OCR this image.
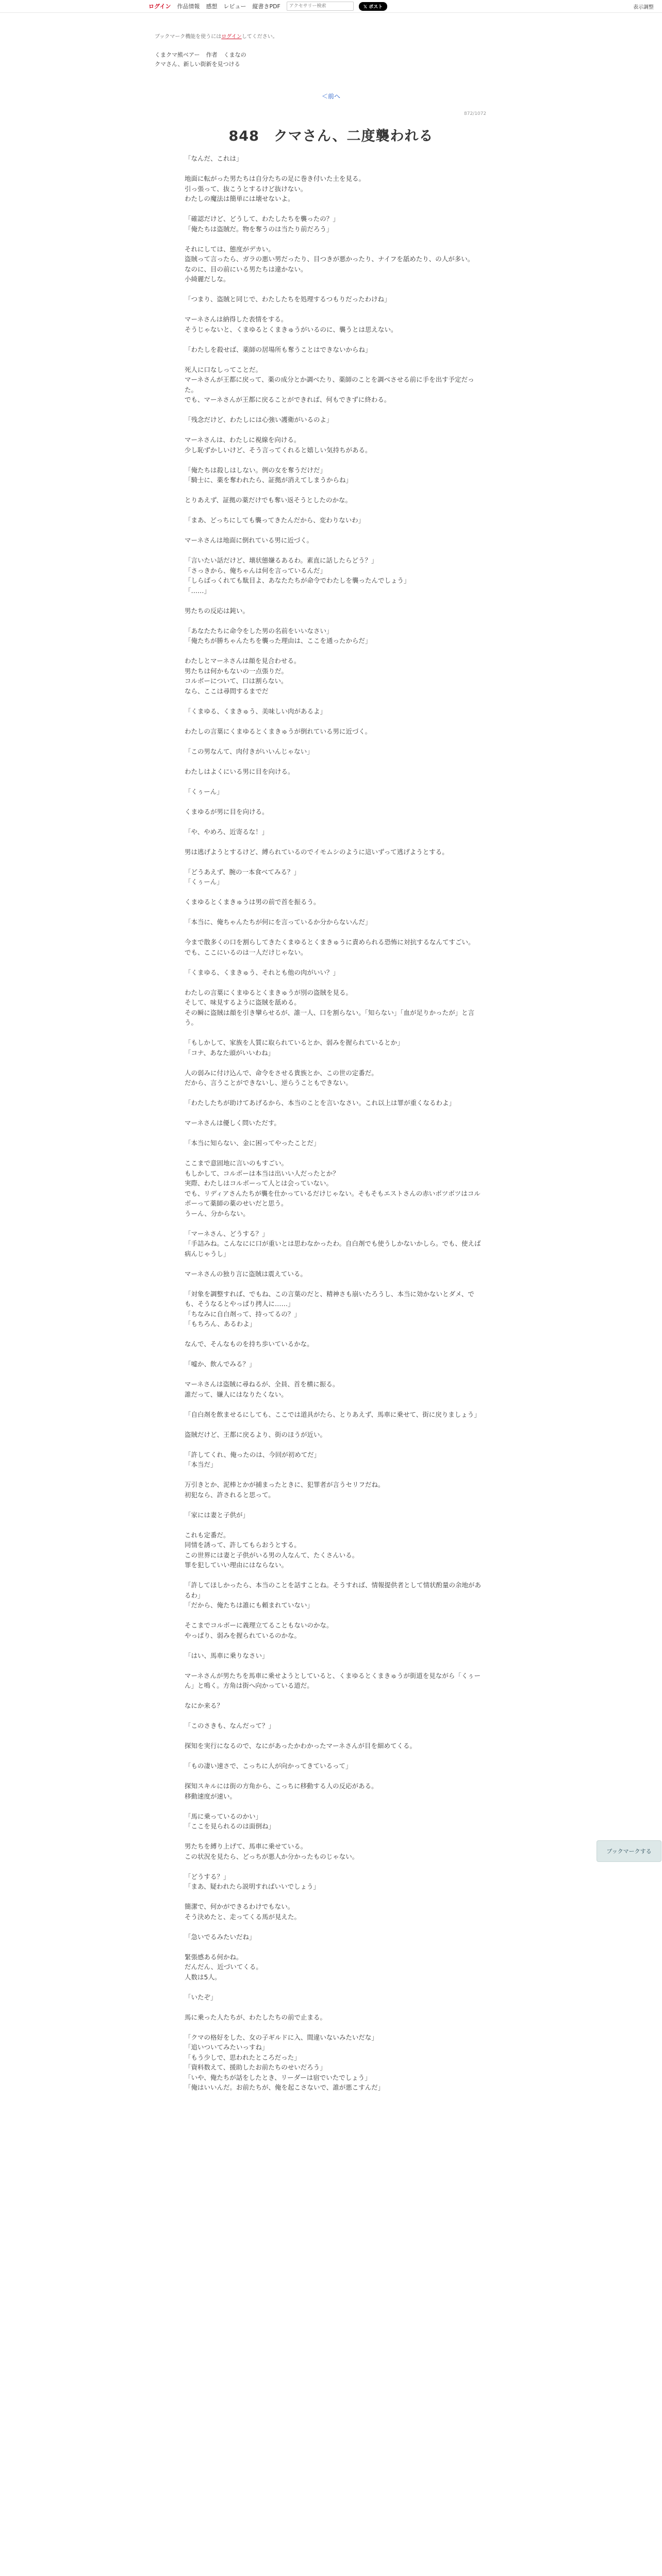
ログイン 作品情報 感想 レビュー 縦書きPDF
アクセサリー検索	𝕏 ポスト	表示調整
ブックマーク機能を使うにはログインしてください。
くまクマ熊ベアー 作者 くまなの
クマさん、新しい街新を見つける
＜前へ
872/1072
848　クマさん、二度襲われる

「なんだ、これは」

地面に転がった男たちは自分たちの足に巻き付いた土を見る。

引っ張って、抜こうとするけど抜けない。

わたしの魔法は簡単には壊せないよ。

「確認だけど、どうして、わたしたちを襲ったの？」

「俺たちは盗賊だ。物を奪うのは当たり前だろう」

それにしては、態度がデカい。

盗賊って言ったら、ガラの悪い男だったり、目つきが悪かったり、ナイフを舐めたり、の人が多い。

なのに、目の前にいる男たちは違かない。

小綺麗だしな。

「つまり、盗賊と同じで、わたしたちを処理するつもりだったわけね」

マーネさんは納得した表情をする。

そうじゃないと、くまゆるとくまきゅうがいるのに、襲うとは思えない。

「わたしを殺せば、薬師の居場所も奪うことはできないからね」

死人に口なしってことだ。

マーネさんが王都に戻って、薬の成分とか調べたり、薬師のことを調べさせる前に手を出す予定だった。

でも、マーネさんが王都に戻ることができれば、何もできずに終わる。

「残念だけど、わたしには心強い護衛がいるのよ」

マーネさんは、わたしに視線を向ける。

少し恥ずかしいけど、そう言ってくれると嬉しい気持ちがある。

「俺たちは殺しはしない。例の女を奪うだけだ」

「騎士に、薬を奪われたら、証拠が消えてしまうからね」

とりあえず、証拠の薬だけでも奪い返そうとしたのかな。

「まあ、どっちにしても襲ってきたんだから、変わりないわ」

マーネさんは地面に倒れている男に近づく。

「言いたい話だけど、壊状態嫌るあるわ。素直に話したらどう？」

「さっきから、俺ちゃんは何を言っているんだ」

「しらばっくれても駄目よ、あなたたちが命令でわたしを襲ったんでしょう」

「……」

男たちの反応は鈍い。

「あなたたちに命令をした男の名前をいいなさい」

「俺たちが勝ちゃんたちを襲った理由は、ここを通ったからだ」

わたしとマーネさんは顔を見合わせる。

男たちは何かもないの一点張りだ。

コルボーについて、口は割らない。

なら、ここは尋問するまでだ

「くまゆる、くまきゅう、美味しい肉があるよ」

わたしの言葉にくまゆるとくまきゅうが倒れている男に近づく。

「この男なんて、肉付きがいいんじゃない」

わたしはよくにいる男に目を向ける。

「くぅーん」

くまゆるが男に目を向ける。

「や、やめろ、近寄るな！」

男は逃げようとするけど、縛られているのでイモムシのように這いずって逃げようとする。

「どうあえず、腕の一本食べてみる？」

「くぅーん」

くまゆるとくまきゅうは男の前で首を振るう。

「本当に、俺ちゃんたちが何にを言っているか分からないんだ」

今まで散多くの口を割らしてきたくまゆるとくまきゅうに責められる恐怖に対抗するなんてすごい。

でも、ここにいるのは一人だけじゃない。

「くまゆる、くまきゅう、それとも他の肉がいい？」

わたしの言葉にくまゆるとくまきゅうが別の盗賊を見る。

そして、味見するように盗賊を舐める。

その瞬に盗賊は顔を引き攣らせるが、誰一人、口を割らない。「知らない」「血が足りかったが」と言う。

「もしかして、家族を人質に取られているとか、弱みを握られているとか」

「コナ、あなた頭がいいわね」

人の弱みに付け込んで、命令をさせる貴族とか、この世の定番だ。

だから、言うことができないし、逆らうこともできない。

「わたしたちが助けてあげるから、本当のことを言いなさい。これ以上は罪が重くなるわよ」

マーネさんは優しく問いただす。

「本当に知らない、金に困ってやったことだ」

ここまで意固地に言いのもすごい。

もしかして、コルボーは本当は出いい人だったとか？

実際、わたしはコルボーって人とは会っていない。

でも、リディアさんたちが襲を仕かっているだけじゃない。そもそもエストさんの赤いボツボツはコルボーって薬師の薬のせいだと思う。

うーん、分からない。

「マーネさん、どうする？」

「手詰みね。こんなにに口が重いとは思わなかったわ。自白剤でも使うしかないかしら。でも、使えば病んじゃうし」

マーネさんの独り言に盗賊は震えている。

「対象を調整すれば、でもね、この言葉のだと、精神さも崩いたろうし、本当に効かないとダメ、でも、そうなるとやっぱり拷人に……」

「ちなみに自白剤って、持ってるの？」

「もちろん、あるわよ」

なんで、そんなものを持ち歩いているかな。

「嘘か、飲んでみる？」

マーネさんは盗賊に尋ねるが、全員、首を横に振る。

誰だって、嫌人にはなりたくない。

「自白剤を飲ませるにしても、ここでは道具がたら、とりあえず、馬車に乗せて、街に戻りましょう」

盗賊だけど、王都に戻るより、街のほうが近い。

「許してくれ、俺ったのは、今回が初めてだ」

「本当だ」

万引きとか、泥棒とかが捕まったときに、犯罪者が言うセリフだね。

初犯なら、許されると思って。

「家には妻と子供が」

これも定番だ。

同情を誘って、許してもらおうとする。

この世界には妻と子供がいる男の人なんて、たくさんいる。

罪を犯していい理由にはならない。

「許してほしかったら、本当のことを話すことね。そうすれば、情報提供者として情状酌量の余地があるわ」

「だから、俺たちは誰にも頼まれていない」

そこまでコルボーに義理立てることもないのかな。

やっぱり、弱みを握られているのかな。

「はい、馬車に乗りなさい」

マーネさんが男たちを馬車に乗せようとしていると、くまゆるとくまきゅうが街道を見ながら「くぅーん」と鳴く。方角は街へ向かっている道だ。

なにか来る？

「このさきも、なんだって？」

探知を実行になるので、なにがあったかわかったマーネさんが目を細めてくる。

「もの凄い速さで、こっちに人が向かってきているって」

探知スキルには街の方角から、こっちに移動する人の反応がある。

移動速度が速い。

「馬に乗っているのかい」

「ここを見られるのは面倒ね」

男たちを縛り上げて、馬車に乗せている。

この状況を見たら、どっちが悪人か分かったものじゃない。

「どうする？」

「まあ、疑われたら説明すればいいでしょう」

簡潔で、何かができるわけでもない。

そう決めたと、走ってくる馬が見えた。

「急いでるみたいだね」

緊張感ある何かね。

だんだん、近づいてくる。

人数は5人。

「いたぞ」

馬に乗った人たちが、わたしたちの前で止まる。

「クマの格好をした、女の子ギルドに入、間違いないみたいだな」

「追いついてみたいっすね」

「もう少しで、思われたところだった」

「資料数えて、援助したお前たちのせいだろう」

「いや、俺たちが話をしたとき、リーダーは宿でいたでしょう」

「俺はいいんだ。お前たちが、俺を起こさないで、誰が悪こすんだ」

ブックマークする
